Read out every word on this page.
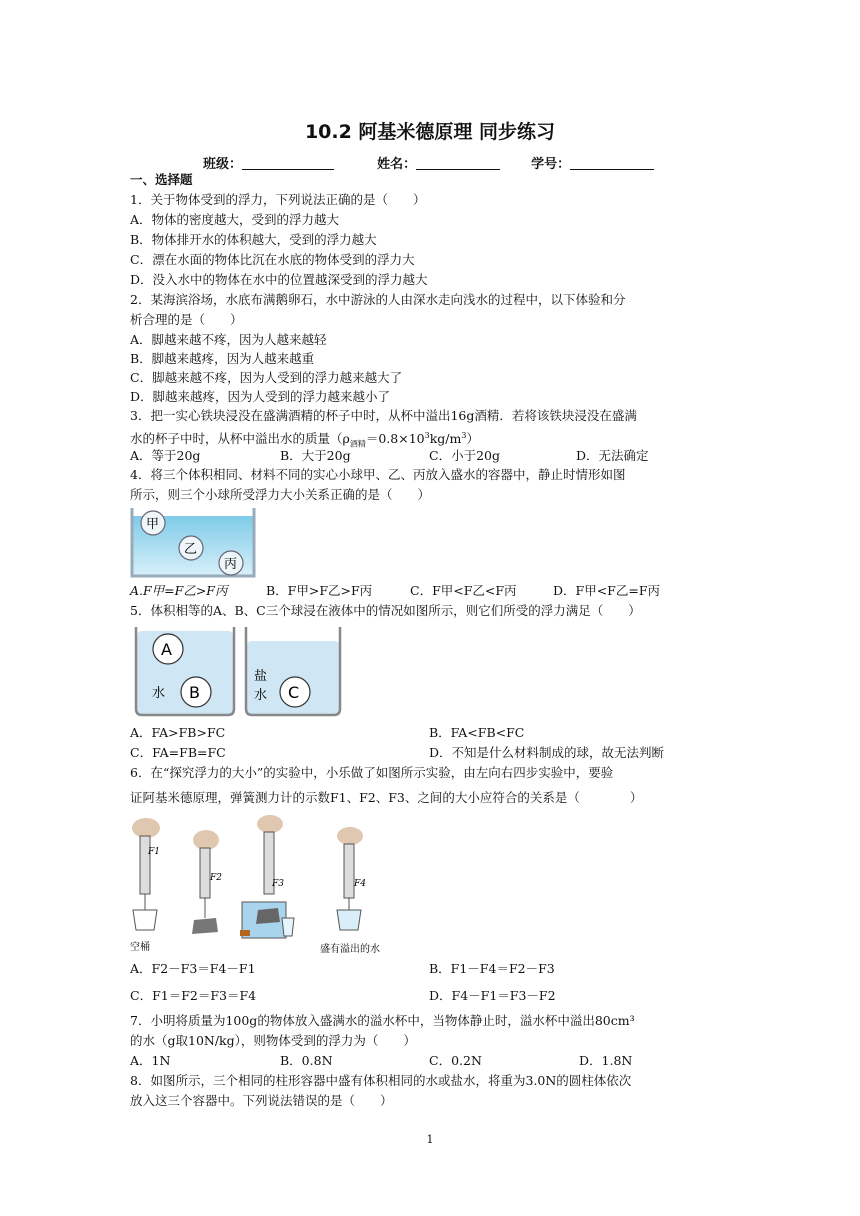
10.2 阿基米德原理 同步练习
班级：	姓名：	学号：
一、选择题
1．关于物体受到的浮力，下列说法正确的是（　　）
A．物体的密度越大，受到的浮力越大
B．物体排开水的体积越大，受到的浮力越大
C．漂在水面的物体比沉在水底的物体受到的浮力大
D．没入水中的物体在水中的位置越深受到的浮力越大
2．某海滨浴场，水底布满鹅卵石，水中游泳的人由深水走向浅水的过程中，以下体验和分
析合理的是（　　）
A．脚越来越不疼，因为人越来越轻
B．脚越来越疼，因为人越来越重
C．脚越来越不疼，因为人受到的浮力越来越大了
D．脚越来越疼，因为人受到的浮力越来越小了
3．把一实心铁块浸没在盛满酒精的杯子中时，从杯中溢出16g酒精．若将该铁块浸没在盛满
水的杯子中时，从杯中溢出水的质量$(\rho_{酒精}=0.8\times 10^3kg/m^3)$
A．等于20g	B．大于20g	C．小于20g	D．无法确定
4．将三个体积相同、材料不同的实心小球甲、乙、丙放入盛水的容器中，静止时情形如图
所示，则三个小球所受浮力大小关系正确的是（　　）
甲
乙
丙
A.F甲=F乙>F丙	B．F甲>F乙>F丙	C．F甲<F乙<F丙	D．F甲<F乙=F丙
5．体积相等的A、B、C三个球浸在液体中的情况如图所示，则它们所受的浮力满足（　　）
A
B	C
水
盐
水
A．FA>FB>FC	B．FA<FB<FC
C．FA=FB=FC	D．不知是什么材料制成的球，故无法判断
6．在“探究浮力的大小”的实验中，小乐做了如图所示实验，由左向右四步实验中，要验
证阿基米德原理，弹簧测力计的示数F1、F2、F3、之间的大小应符合的关系是（　　　　）
F1
F2
F3	F4
空桶	盛有溢出的水
A．F2－F3＝F4－F1	B．F1－F4＝F2－F3
C．F1＝F2＝F3＝F4	D．F4－F1＝F3－F2
7．小明将质量为100g的物体放入盛满水的溢水杯中，当物体静止时，溢水杯中溢出80cm³
的水（g取10N/kg），则物体受到的浮力为（　　）
A．1N	B．0.8N	C．0.2N	D．1.8N
8．如图所示，三个相同的柱形容器中盛有体积相同的水或盐水，将重为3.0N的圆柱体依次
放入这三个容器中。下列说法错误的是（　　）
1
